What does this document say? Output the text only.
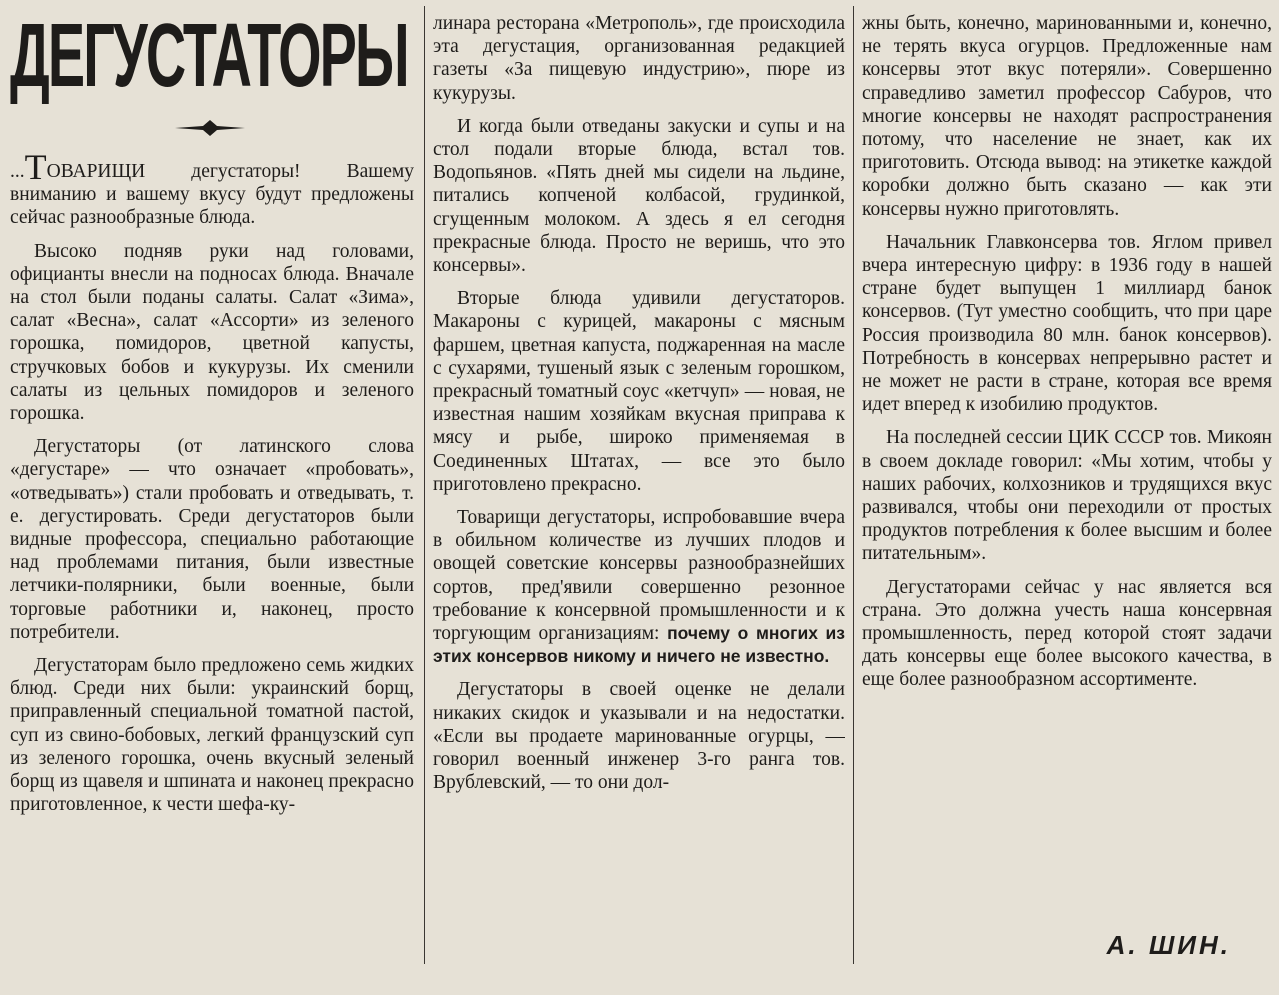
ДЕГУСТАТОРЫ

...ТОВАРИЩИ дегустаторы! Вашему вниманию и вашему вкусу будут предложены сейчас разнообразные блюда.

Высоко подняв руки над головами, официанты внесли на подносах блюда. Вначале на стол были поданы салаты. Салат «Зима», салат «Весна», салат «Ассорти» из зеленого горошка, помидоров, цветной капусты, стручковых бобов и кукурузы. Их сменили салаты из цельных помидоров и зеленого горошка.

Дегустаторы (от латинского слова «дегустаре» — что означает «пробовать», «отведывать») стали пробовать и отведывать, т. е. дегустировать. Среди дегустаторов были видные профессора, специально работающие над проблемами питания, были известные летчики-полярники, были военные, были торговые работники и, наконец, просто потребители.

Дегустаторам было предложено семь жидких блюд. Среди них были: украинский борщ, приправленный специальной томатной пастой, суп из свино-бобовых, легкий французский суп из зеленого горошка, очень вкусный зеленый борщ из щавеля и шпината и наконец прекрасно приготовленное, к чести шефа-ку-

линара ресторана «Метрополь», где происходила эта дегустация, организованная редакцией газеты «За пищевую индустрию», пюре из кукурузы.

И когда были отведаны закуски и супы и на стол подали вторые блюда, встал тов. Водопьянов. «Пять дней мы сидели на льдине, питались копченой колбасой, грудинкой, сгущенным молоком. А здесь я ел сегодня прекрасные блюда. Просто не веришь, что это консервы».

Вторые блюда удивили дегустаторов. Макароны с курицей, макароны с мясным фаршем, цветная капуста, поджаренная на масле с сухарями, тушеный язык с зеленым горошком, прекрасный томатный соус «кетчуп» — новая, не известная нашим хозяйкам вкусная приправа к мясу и рыбе, широко применяемая в Соединенных Штатах, — все это было приготовлено прекрасно.

Товарищи дегустаторы, испробовавшие вчера в обильном количестве из лучших плодов и овощей советские консервы разнообразнейших сортов, пред'явили совершенно резонное требование к консервной промышленности и к торгующим организациям: почему о многих из этих консервов никому и ничего не известно.

Дегустаторы в своей оценке не делали никаких скидок и указывали и на недостатки. «Если вы продаете маринованные огурцы, — говорил военный инженер 3-го ранга тов. Врублевский, — то они дол-

жны быть, конечно, маринованными и, конечно, не терять вкуса огурцов. Предложенные нам консервы этот вкус потеряли». Совершенно справедливо заметил профессор Сабуров, что многие консервы не находят распространения потому, что население не знает, как их приготовить. Отсюда вывод: на этикетке каждой коробки должно быть сказано — как эти консервы нужно приготовлять.

Начальник Главконсерва тов. Яглом привел вчера интересную цифру: в 1936 году в нашей стране будет выпущен 1 миллиард банок консервов. (Тут уместно сообщить, что при царе Россия производила 80 млн. банок консервов). Потребность в консервах непрерывно растет и не может не расти в стране, которая все время идет вперед к изобилию продуктов.

На последней сессии ЦИК СССР тов. Микоян в своем докладе говорил: «Мы хотим, чтобы у наших рабочих, колхозников и трудящихся вкус развивался, чтобы они переходили от простых продуктов потребления к более высшим и более питательным».

Дегустаторами сейчас у нас является вся страна. Это должна учесть наша консервная промышленность, перед которой стоят задачи дать консервы еще более высокого качества, в еще более разнообразном ассортименте.

А. ШИН.
